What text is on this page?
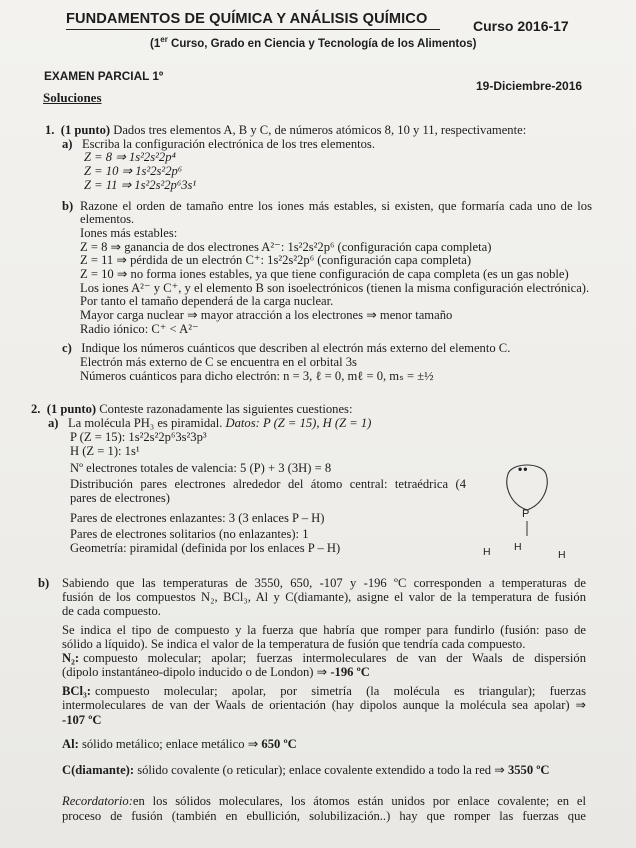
FUNDAMENTOS DE QUÍMICA Y ANÁLISIS QUÍMICO	Curso 2016-17
(1er Curso, Grado en Ciencia y Tecnología de los Alimentos)
EXAMEN PARCIAL 1º
19-Diciembre-2016
Soluciones
1. (1 punto) Dados tres elementos A, B y C, de números atómicos 8, 10 y 11, respectivamente:
a) Escriba la configuración electrónica de los tres elementos.
Z = 8 ⇒ 1s²2s²2p⁴
Z = 10 ⇒ 1s²2s²2p⁶
Z = 11 ⇒ 1s²2s²2p⁶3s¹
b) Razone el orden de tamaño entre los iones más estables, si existen, que formaría cada uno de los
elementos.
Iones más estables:
Z = 8 ⇒ ganancia de dos electrones A²⁻: 1s²2s²2p⁶ (configuración capa completa)
Z = 11 ⇒ pérdida de un electrón C⁺: 1s²2s²2p⁶ (configuración capa completa)
Z = 10 ⇒ no forma iones estables, ya que tiene configuración de capa completa (es un gas noble)
Los iones A²⁻ y C⁺, y el elemento B son isoelectrónicos (tienen la misma configuración electrónica).
Por tanto el tamaño dependerá de la carga nuclear.
Mayor carga nuclear ⇒ mayor atracción a los electrones ⇒ menor tamaño
Radio iónico: C⁺ < A²⁻
c) Indique los números cuánticos que describen al electrón más externo del elemento C.
Electrón más externo de C se encuentra en el orbital 3s
Números cuánticos para dicho electrón: n = 3, ℓ = 0, mℓ = 0, mₛ = ±½
2. (1 punto) Conteste razonadamente las siguientes cuestiones:
a) La molécula PH₃ es piramidal. Datos: P (Z = 15), H (Z = 1)
P (Z = 15): 1s²2s²2p⁶3s²3p³
H (Z = 1): 1s¹
Nº electrones totales de valencia: 5 (P) + 3 (3H) = 8
Distribución pares electrones alrededor del átomo central: tetraédrica (4
pares de electrones)
Pares de electrones enlazantes: 3 (3 enlaces P – H)
Pares de electrones solitarios (no enlazantes): 1
Geometría: piramidal (definida por los enlaces P – H)
••
P
H
H	H
b) Sabiendo que las temperaturas de 3550, 650, -107 y -196 ºC corresponden a temperaturas de
fusión de los compuestos N₂, BCl₃, Al y C(diamante), asigne el valor de la temperatura de fusión
de cada compuesto.
Se indica el tipo de compuesto y la fuerza que habría que romper para fundirlo (fusión: paso de
sólido a líquido). Se indica el valor de la temperatura de fusión que tendría cada compuesto.
N₂: compuesto molecular; apolar; fuerzas intermoleculares de van der Waals de dispersión
(dipolo instantáneo-dipolo inducido o de London) ⇒ -196 ºC
BCl₃: compuesto molecular; apolar, por simetría (la molécula es triangular); fuerzas
intermoleculares de van der Waals de orientación (hay dipolos aunque la molécula sea apolar) ⇒
-107 ºC
Al: sólido metálico; enlace metálico ⇒ 650 ºC
C(diamante): sólido covalente (o reticular); enlace covalente extendido a todo la red ⇒ 3550 ºC
Recordatorio: en los sólidos moleculares, los átomos están unidos por enlace covalente; en el
proceso de fusión (también en ebullición, solubilización..) hay que romper las fuerzas que
